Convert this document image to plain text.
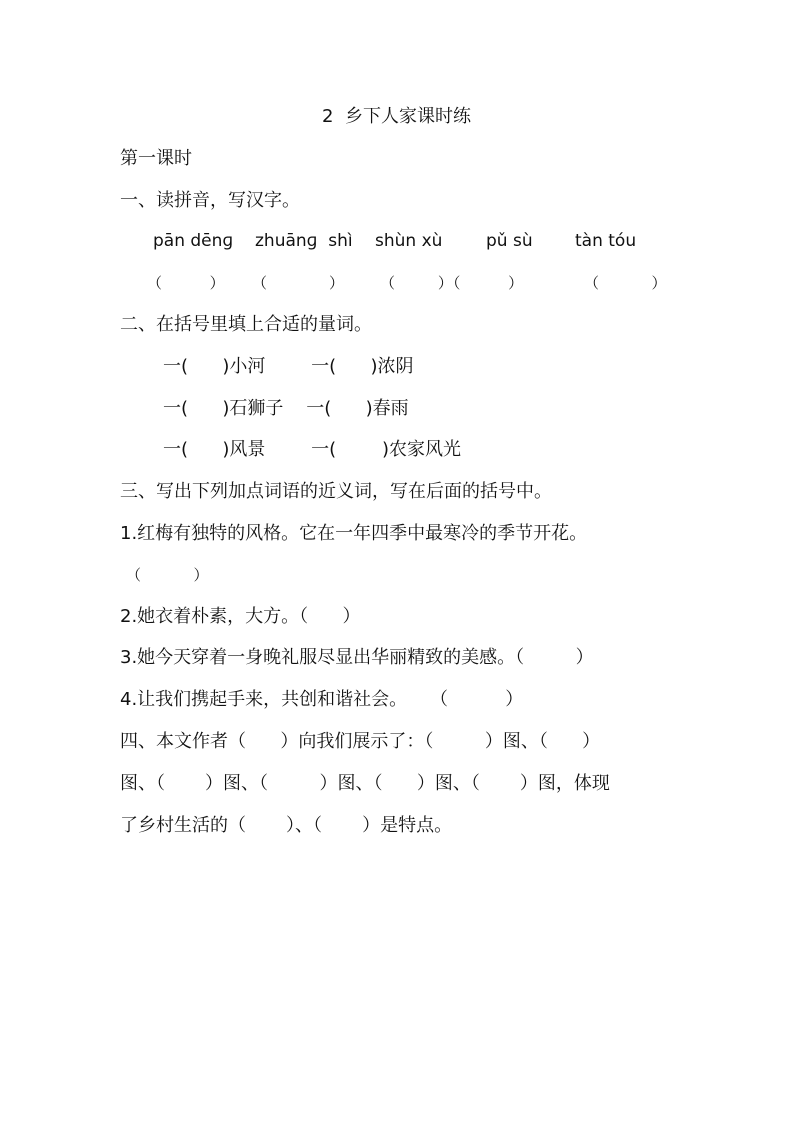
2  乡下人家课时练
第一课时
一、读拼音，写汉字。
pān dēnɡ zhuānɡ  shì shùn xù	pǔ sù tàn tóu
（          ） （             ） （         ）（          ）	（           ）
二、在括号里填上合适的量词。
一(      )小河        一(      )浓阴
一(      )石狮子    一(      )春雨
一(      )风景        一(        )农家风光
三、写出下列加点词语的近义词，写在后面的括号中。
1.红梅有独特的风格。它在一年四季中最寒冷的季节开花。
（           ）
2.她衣着朴素，大方。（      ）
3.她今天穿着一身晚礼服尽显出华丽精致的美感。（         ）
4.让我们携起手来，共创和谐社会。    （          ）
四、本文作者（      ）向我们展示了：（         ）图、（      ）
图、（       ）图、（         ）图、（      ）图、（       ）图，体现
了乡村生活的（       ）、（       ）是特点。
